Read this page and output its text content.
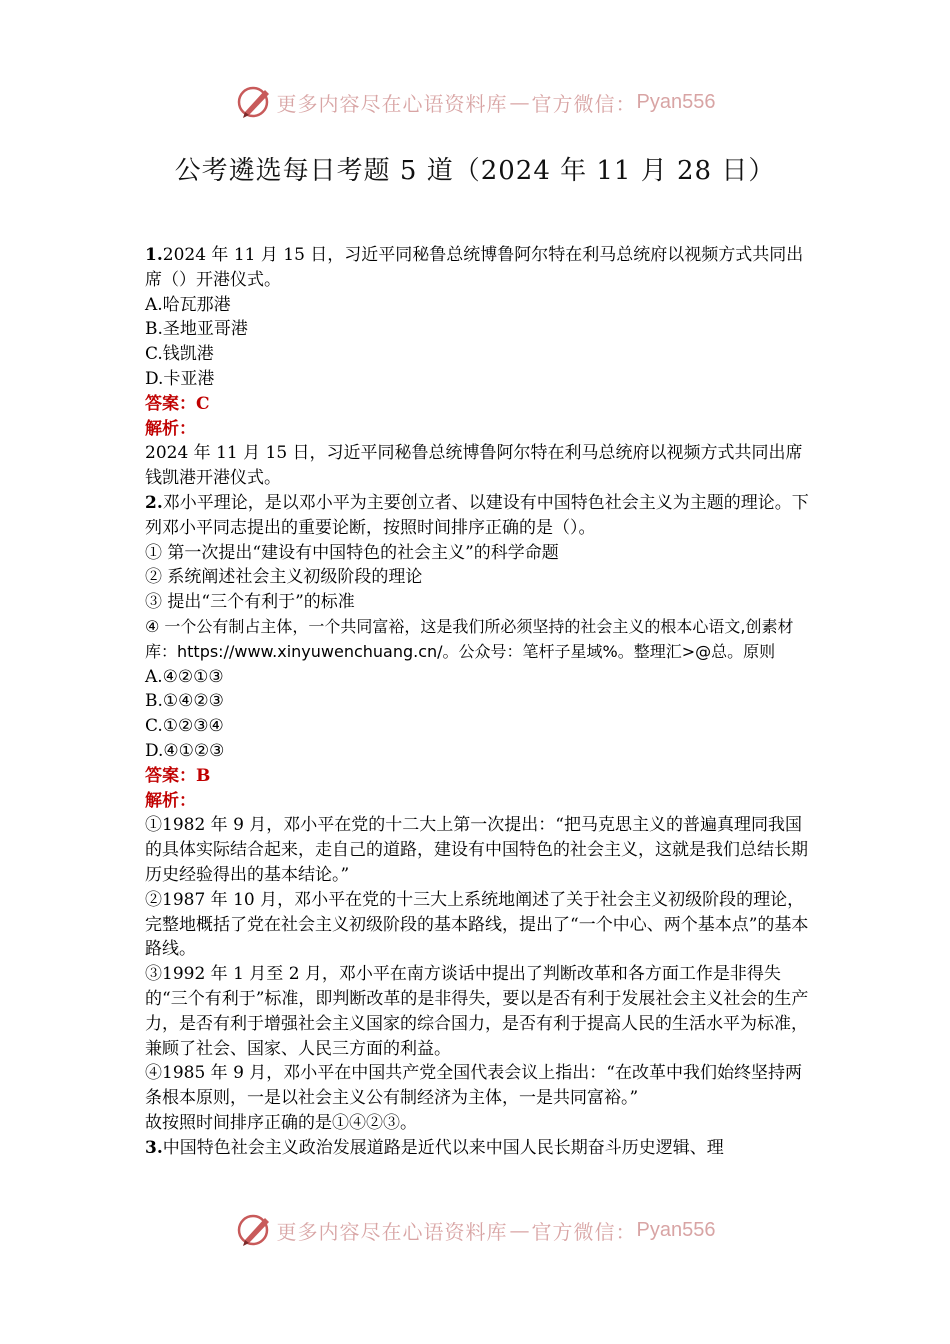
更多内容尽在心语资料库 — 官方微信： Pyan556
公考遴选每日考题 5 道（2024 年 11 月 28 日）

1.2024 年 11 月 15 日，习近平同秘鲁总统博鲁阿尔特在利马总统府以视频方式共同出席（）开港仪式。

A.哈瓦那港

B.圣地亚哥港

C.钱凯港

D.卡亚港

答案：C

解析：

2024 年 11 月 15 日，习近平同秘鲁总统博鲁阿尔特在利马总统府以视频方式共同出席钱凯港开港仪式。

2.邓小平理论，是以邓小平为主要创立者、以建设有中国特色社会主义为主题的理论。下列邓小平同志提出的重要论断，按照时间排序正确的是（）。

① 第一次提出“建设有中国特色的社会主义”的科学命题

② 系统阐述社会主义初级阶段的理论

③ 提出“三个有利于”的标准

④ 一个公有制占主体，一个共同富裕，这是我们所必须坚持的社会主义的根本心语文,创素材库：https://www.xinyuwenchuang.cn/。公众号：笔杆子星域%。整理汇>@总。原则

A.④②①③

B.①④②③

C.①②③④

D.④①②③

答案：B

解析：

①1982 年 9 月，邓小平在党的十二大上第一次提出：“把马克思主义的普遍真理同我国的具体实际结合起来，走自己的道路，建设有中国特色的社会主义，这就是我们总结长期历史经验得出的基本结论。”

②1987 年 10 月，邓小平在党的十三大上系统地阐述了关于社会主义初级阶段的理论，完整地概括了党在社会主义初级阶段的基本路线，提出了“一个中心、两个基本点”的基本路线。

③1992 年 1 月至 2 月，邓小平在南方谈话中提出了判断改革和各方面工作是非得失的“三个有利于”标准，即判断改革的是非得失，要以是否有利于发展社会主义社会的生产力，是否有利于增强社会主义国家的综合国力，是否有利于提高人民的生活水平为标准，兼顾了社会、国家、人民三方面的利益。

④1985 年 9 月，邓小平在中国共产党全国代表会议上指出：“在改革中我们始终坚持两条根本原则，一是以社会主义公有制经济为主体，一是共同富裕。”

故按照时间排序正确的是①④②③。

3.中国特色社会主义政治发展道路是近代以来中国人民长期奋斗历史逻辑、理

更多内容尽在心语资料库 — 官方微信： Pyan556
